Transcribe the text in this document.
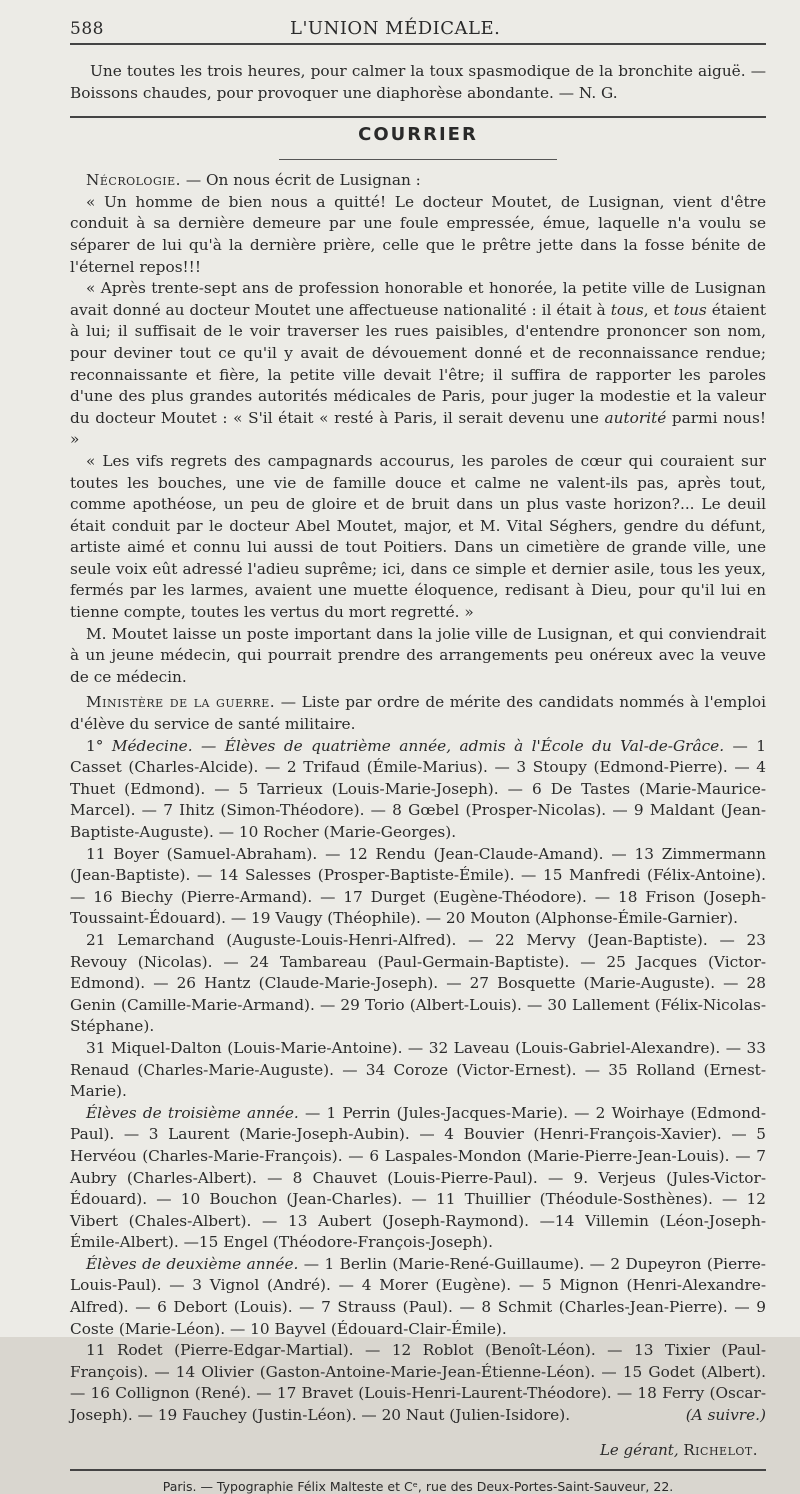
588	L'UNION MÉDICALE.

Une toutes les trois heures, pour calmer la toux spasmodique de la bronchite aiguë. — Boissons chaudes, pour provoquer une diaphorèse abondante. — N. G.

COURRIER

Nécrologie. — On nous écrit de Lusignan :

« Un homme de bien nous a quitté! Le docteur Moutet, de Lusignan, vient d'être conduit à sa dernière demeure par une foule empressée, émue, laquelle n'a voulu se séparer de lui qu'à la dernière prière, celle que le prêtre jette dans la fosse bénite de l'éternel repos!!!

« Après trente-sept ans de profession honorable et honorée, la petite ville de Lusignan avait donné au docteur Moutet une affectueuse nationalité : il était à tous, et tous étaient à lui; il suffisait de le voir traverser les rues paisibles, d'entendre prononcer son nom, pour deviner tout ce qu'il y avait de dévouement donné et de reconnaissance rendue; reconnaissante et fière, la petite ville devait l'être; il suffira de rapporter les paroles d'une des plus grandes autorités médicales de Paris, pour juger la modestie et la valeur du docteur Moutet : « S'il était « resté à Paris, il serait devenu une autorité parmi nous! »

« Les vifs regrets des campagnards accourus, les paroles de cœur qui couraient sur toutes les bouches, une vie de famille douce et calme ne valent-ils pas, après tout, comme apothéose, un peu de gloire et de bruit dans un plus vaste horizon?... Le deuil était conduit par le docteur Abel Moutet, major, et M. Vital Séghers, gendre du défunt, artiste aimé et connu lui aussi de tout Poitiers. Dans un cimetière de grande ville, une seule voix eût adressé l'adieu suprême; ici, dans ce simple et dernier asile, tous les yeux, fermés par les larmes, avaient une muette éloquence, redisant à Dieu, pour qu'il lui en tienne compte, toutes les vertus du mort regretté. »

M. Moutet laisse un poste important dans la jolie ville de Lusignan, et qui conviendrait à un jeune médecin, qui pourrait prendre des arrangements peu onéreux avec la veuve de ce médecin.

Ministère de la guerre. — Liste par ordre de mérite des candidats nommés à l'emploi d'élève du service de santé militaire.

1° Médecine. — Élèves de quatrième année, admis à l'École du Val-de-Grâce. — 1 Casset (Charles-Alcide). — 2 Trifaud (Émile-Marius). — 3 Stoupy (Edmond-Pierre). — 4 Thuet (Edmond). — 5 Tarrieux (Louis-Marie-Joseph). — 6 De Tastes (Marie-Maurice-Marcel). — 7 Ihitz (Simon-Théodore). — 8 Gœbel (Prosper-Nicolas). — 9 Maldant (Jean-Baptiste-Auguste). — 10 Rocher (Marie-Georges).

11 Boyer (Samuel-Abraham). — 12 Rendu (Jean-Claude-Amand). — 13 Zimmermann (Jean-Baptiste). — 14 Salesses (Prosper-Baptiste-Émile). — 15 Manfredi (Félix-Antoine). — 16 Biechy (Pierre-Armand). — 17 Durget (Eugène-Théodore). — 18 Frison (Joseph-Toussaint-Édouard). — 19 Vaugy (Théophile). — 20 Mouton (Alphonse-Émile-Garnier).

21 Lemarchand (Auguste-Louis-Henri-Alfred). — 22 Mervy (Jean-Baptiste). — 23 Revouy (Nicolas). — 24 Tambareau (Paul-Germain-Baptiste). — 25 Jacques (Victor-Edmond). — 26 Hantz (Claude-Marie-Joseph). — 27 Bosquette (Marie-Auguste). — 28 Genin (Camille-Marie-Armand). — 29 Torio (Albert-Louis). — 30 Lallement (Félix-Nicolas-Stéphane).

31 Miquel-Dalton (Louis-Marie-Antoine). — 32 Laveau (Louis-Gabriel-Alexandre). — 33 Renaud (Charles-Marie-Auguste). — 34 Coroze (Victor-Ernest). — 35 Rolland (Ernest-Marie).

Élèves de troisième année. — 1 Perrin (Jules-Jacques-Marie). — 2 Woirhaye (Edmond-Paul). — 3 Laurent (Marie-Joseph-Aubin). — 4 Bouvier (Henri-François-Xavier). — 5 Hervéou (Charles-Marie-François). — 6 Laspales-Mondon (Marie-Pierre-Jean-Louis). — 7 Aubry (Charles-Albert). — 8 Chauvet (Louis-Pierre-Paul). — 9. Verjeus (Jules-Victor-Édouard). — 10 Bouchon (Jean-Charles). — 11 Thuillier (Théodule-Sosthènes). — 12 Vibert (Chales-Albert). — 13 Aubert (Joseph-Raymond). —14 Villemin (Léon-Joseph-Émile-Albert). —15 Engel (Théodore-François-Joseph).

Élèves de deuxième année. — 1 Berlin (Marie-René-Guillaume). — 2 Dupeyron (Pierre-Louis-Paul). — 3 Vignol (André). — 4 Morer (Eugène). — 5 Mignon (Henri-Alexandre-Alfred). — 6 Debort (Louis). — 7 Strauss (Paul). — 8 Schmit (Charles-Jean-Pierre). — 9 Coste (Marie-Léon). — 10 Bayvel (Édouard-Clair-Émile).

11 Rodet (Pierre-Edgar-Martial). — 12 Roblot (Benoît-Léon). — 13 Tixier (Paul-François). — 14 Olivier (Gaston-Antoine-Marie-Jean-Étienne-Léon). — 15 Godet (Albert). — 16 Collignon (René). — 17 Bravet (Louis-Henri-Laurent-Théodore). — 18 Ferry (Oscar-Joseph). — 19 Fauchey (Justin-Léon). — 20 Naut (Julien-Isidore).	(A suivre.)

Le gérant, Richelot.
Paris. — Typographie Félix Malteste et Cᵉ, rue des Deux-Portes-Saint-Sauveur, 22.
